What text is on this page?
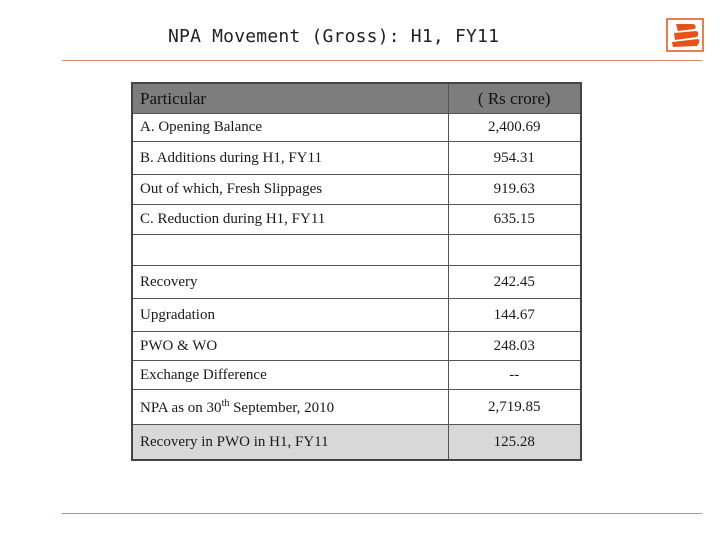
NPA Movement (Gross): H1, FY11
Particular	( Rs crore)
A. Opening Balance	2,400.69
B. Additions during H1, FY11	954.31
Out of which, Fresh Slippages	919.63
C. Reduction during H1, FY11	635.15

Recovery	242.45
Upgradation	144.67
PWO & WO	248.03
Exchange Difference	--
NPA as on 30th September, 2010	2,719.85
Recovery in PWO in H1, FY11	125.28
